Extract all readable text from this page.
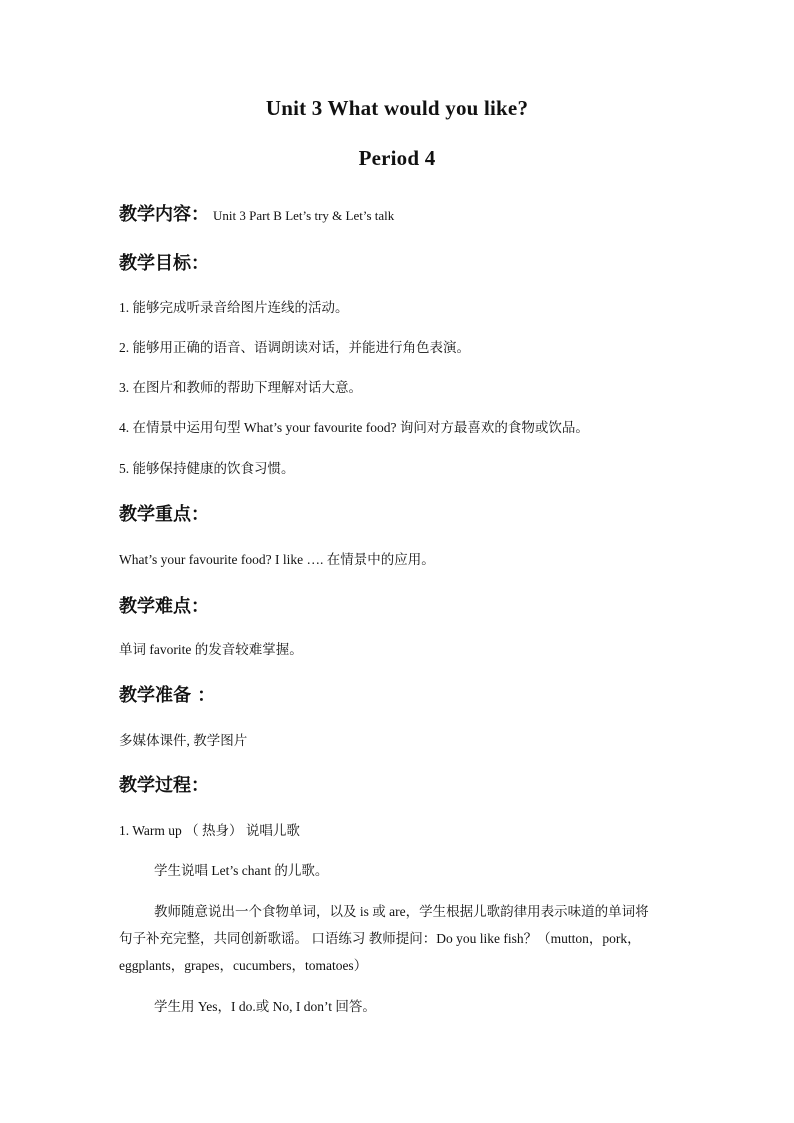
Unit 3 What would you like?
Period 4
教学内容： Unit 3 Part B Let’s try & Let’s talk
教学目标：
1. 能够完成听录音给图片连线的活动。
2. 能够用正确的语音、语调朗读对话，并能进行角色表演。
3. 在图片和教师的帮助下理解对话大意。
4. 在情景中运用句型 What’s your favourite food? 询问对方最喜欢的食物或饮品。
5. 能够保持健康的饮食习惯。
教学重点：
What’s your favourite food? I like …. 在情景中的应用。
教学难点：
单词 favorite 的发音较难掌握。
教学准备 ：
多媒体课件, 教学图片
教学过程：
1. Warm up （ 热身） 说唱儿歌
学生说唱 Let’s chant 的儿歌。
教师随意说出一个食物单词，以及 is 或 are，学生根据儿歌韵律用表示味道的单词将
句子补充完整，共同创新歌谣。 口语练习 教师提问：Do you like fish？（mutton，pork，
eggplants，grapes，cucumbers，tomatoes）
学生用 Yes，I do.或 No, I don’t 回答。
